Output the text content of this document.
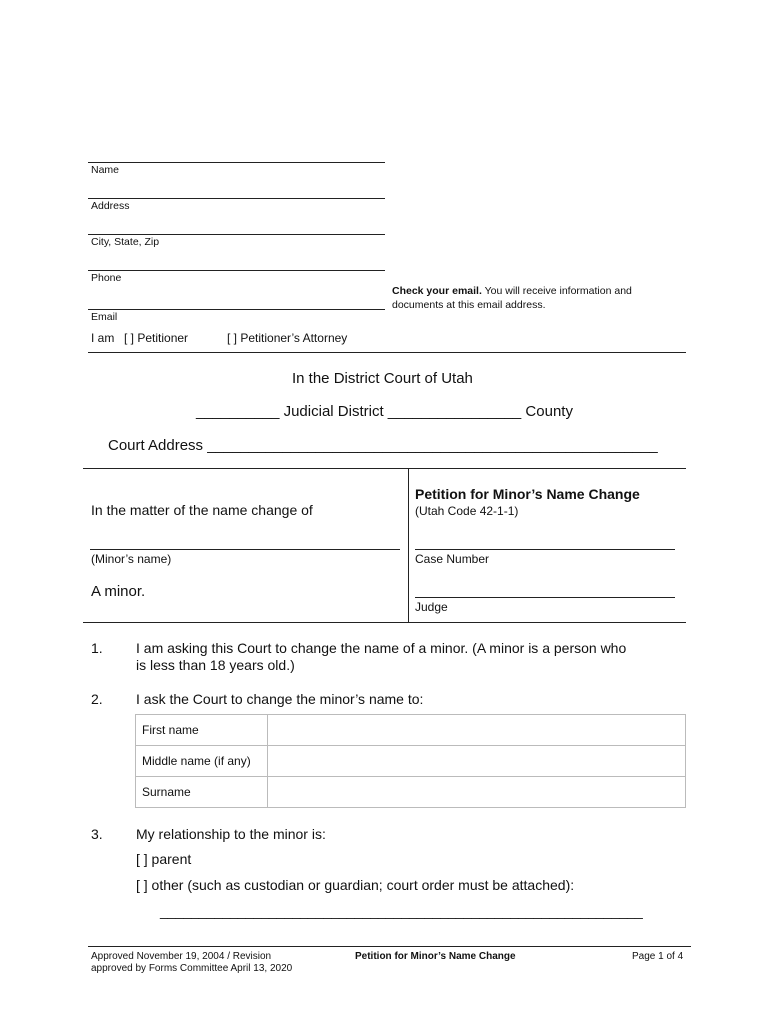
Name
Address
City, State, Zip
Phone
Email
Check your email. You will receive information and
documents at this email address.
I am [ ] Petitioner	[ ] Petitioner’s Attorney
In the District Court of Utah
__________ Judicial District ________________ County
Court Address ______________________________________________________
In the matter of the name change of
(Minor’s name)
A minor.
Petition for Minor’s Name Change
(Utah Code 42-1-1)
Case Number
Judge
1. I am asking this Court to change the name of a minor. (A minor is a person who
is less than 18 years old.)
2. I ask the Court to change the minor’s name to:
First name	
Middle name (if any)	
Surname	
3. My relationship to the minor is:
[ ] parent
[ ] other (such as custodian or guardian; court order must be attached):
______________________________________________________________
Approved November 19, 2004 / Revision
approved by Forms Committee April 13, 2020
Petition for Minor’s Name Change	Page 1 of 4
